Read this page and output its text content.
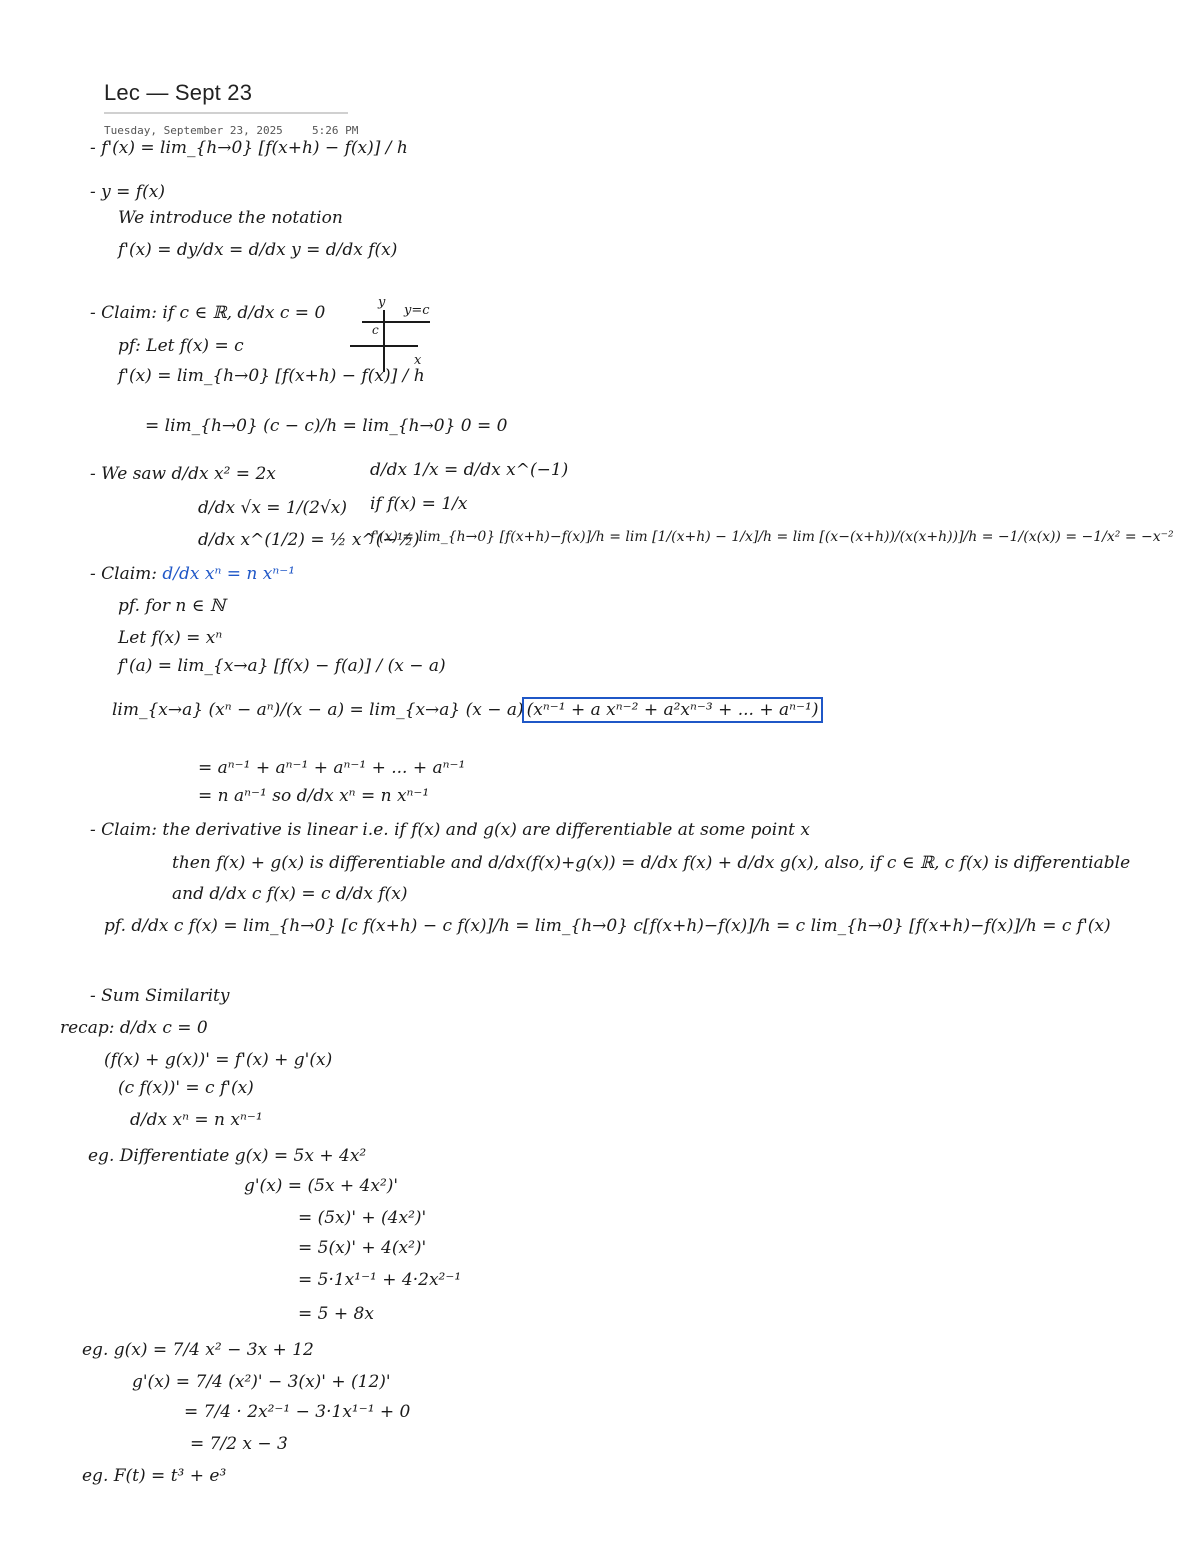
Lec — Sept 23
Tuesday, September 23, 2025	5:26 PM
y
y=c
c
x
- f'(x) = lim_{h→0} [f(x+h) − f(x)] / h
- y = f(x)
We introduce the notation
f'(x) = dy/dx = d/dx y = d/dx f(x)
- Claim: if c ∈ ℝ, d/dx c = 0
pf: Let f(x) = c
f'(x) = lim_{h→0} [f(x+h) − f(x)] / h
= lim_{h→0} (c − c)/h = lim_{h→0} 0 = 0
- We saw d/dx x² = 2x
d/dx √x = 1/(2√x)
d/dx x^(1/2) = ½ x^(−½)
d/dx 1/x = d/dx x^(−1)
if f(x) = 1/x
f'(x) = lim_{h→0} [f(x+h)−f(x)]/h = lim [1/(x+h) − 1/x]/h = lim [(x−(x+h))/(x(x+h))]/h = −1/(x(x)) = −1/x² = −x⁻²
- Claim: d/dx xⁿ = n xⁿ⁻¹
pf. for n ∈ ℕ
Let f(x) = xⁿ
f'(a) = lim_{x→a} [f(x) − f(a)] / (x − a)
lim_{x→a} (xⁿ − aⁿ)/(x − a) = lim_{x→a} (x − a) (xⁿ⁻¹ + a xⁿ⁻² + a²xⁿ⁻³ + ... + aⁿ⁻¹)
= aⁿ⁻¹ + aⁿ⁻¹ + aⁿ⁻¹ + ... + aⁿ⁻¹
= n aⁿ⁻¹ so d/dx xⁿ = n xⁿ⁻¹
- Claim: the derivative is linear i.e. if f(x) and g(x) are differentiable at some point x
then f(x) + g(x) is differentiable and d/dx(f(x)+g(x)) = d/dx f(x) + d/dx g(x), also, if c ∈ ℝ, c f(x) is differentiable
and d/dx c f(x) = c d/dx f(x)
pf. d/dx c f(x) = lim_{h→0} [c f(x+h) − c f(x)]/h = lim_{h→0} c[f(x+h)−f(x)]/h = c lim_{h→0} [f(x+h)−f(x)]/h = c f'(x)
- Sum Similarity
recap: d/dx c = 0
(f(x) + g(x))' = f'(x) + g'(x)
(c f(x))' = c f'(x)
d/dx xⁿ = n xⁿ⁻¹
eg. Differentiate g(x) = 5x + 4x²
g'(x) = (5x + 4x²)'
= (5x)' + (4x²)'
= 5(x)' + 4(x²)'
= 5·1x¹⁻¹ + 4·2x²⁻¹
= 5 + 8x
eg. g(x) = 7/4 x² − 3x + 12
g'(x) = 7/4 (x²)' − 3(x)' + (12)'
= 7/4 · 2x²⁻¹ − 3·1x¹⁻¹ + 0
= 7/2 x − 3
eg. F(t) = t³ + e³
